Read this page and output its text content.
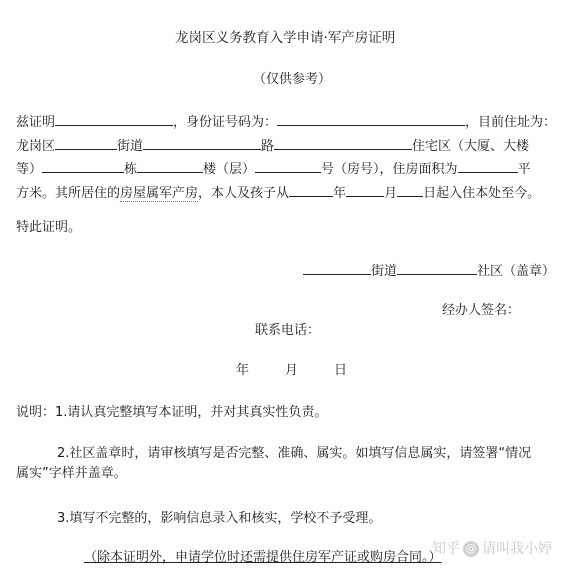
龙岗区义务教育入学申请·军产房证明
（仅供参考）
兹证明	，身份证号码为：	，目前住址为：
龙岗区	街道	路	住宅区（大厦、大楼
等）	栋	楼（层）	号（房号），住房面积为	平
方米。其所居住的房屋属军产房，本人及孩子从	年	月 日起入住本处至今。
特此证明。
街道	社区（盖章）
经办人签名：
联系电话：
年	月	日
说明：1.请认真完整填写本证明，并对其真实性负责。
2.社区盖章时，请审核填写是否完整、准确、属实。如填写信息属实，请签署“情况
属实”字样并盖章。
3.填写不完整的，影响信息录入和核实，学校不予受理。
（除本证明外，申请学位时还需提供住房军产证或购房合同。）
知乎 @ 请叫我小婷
